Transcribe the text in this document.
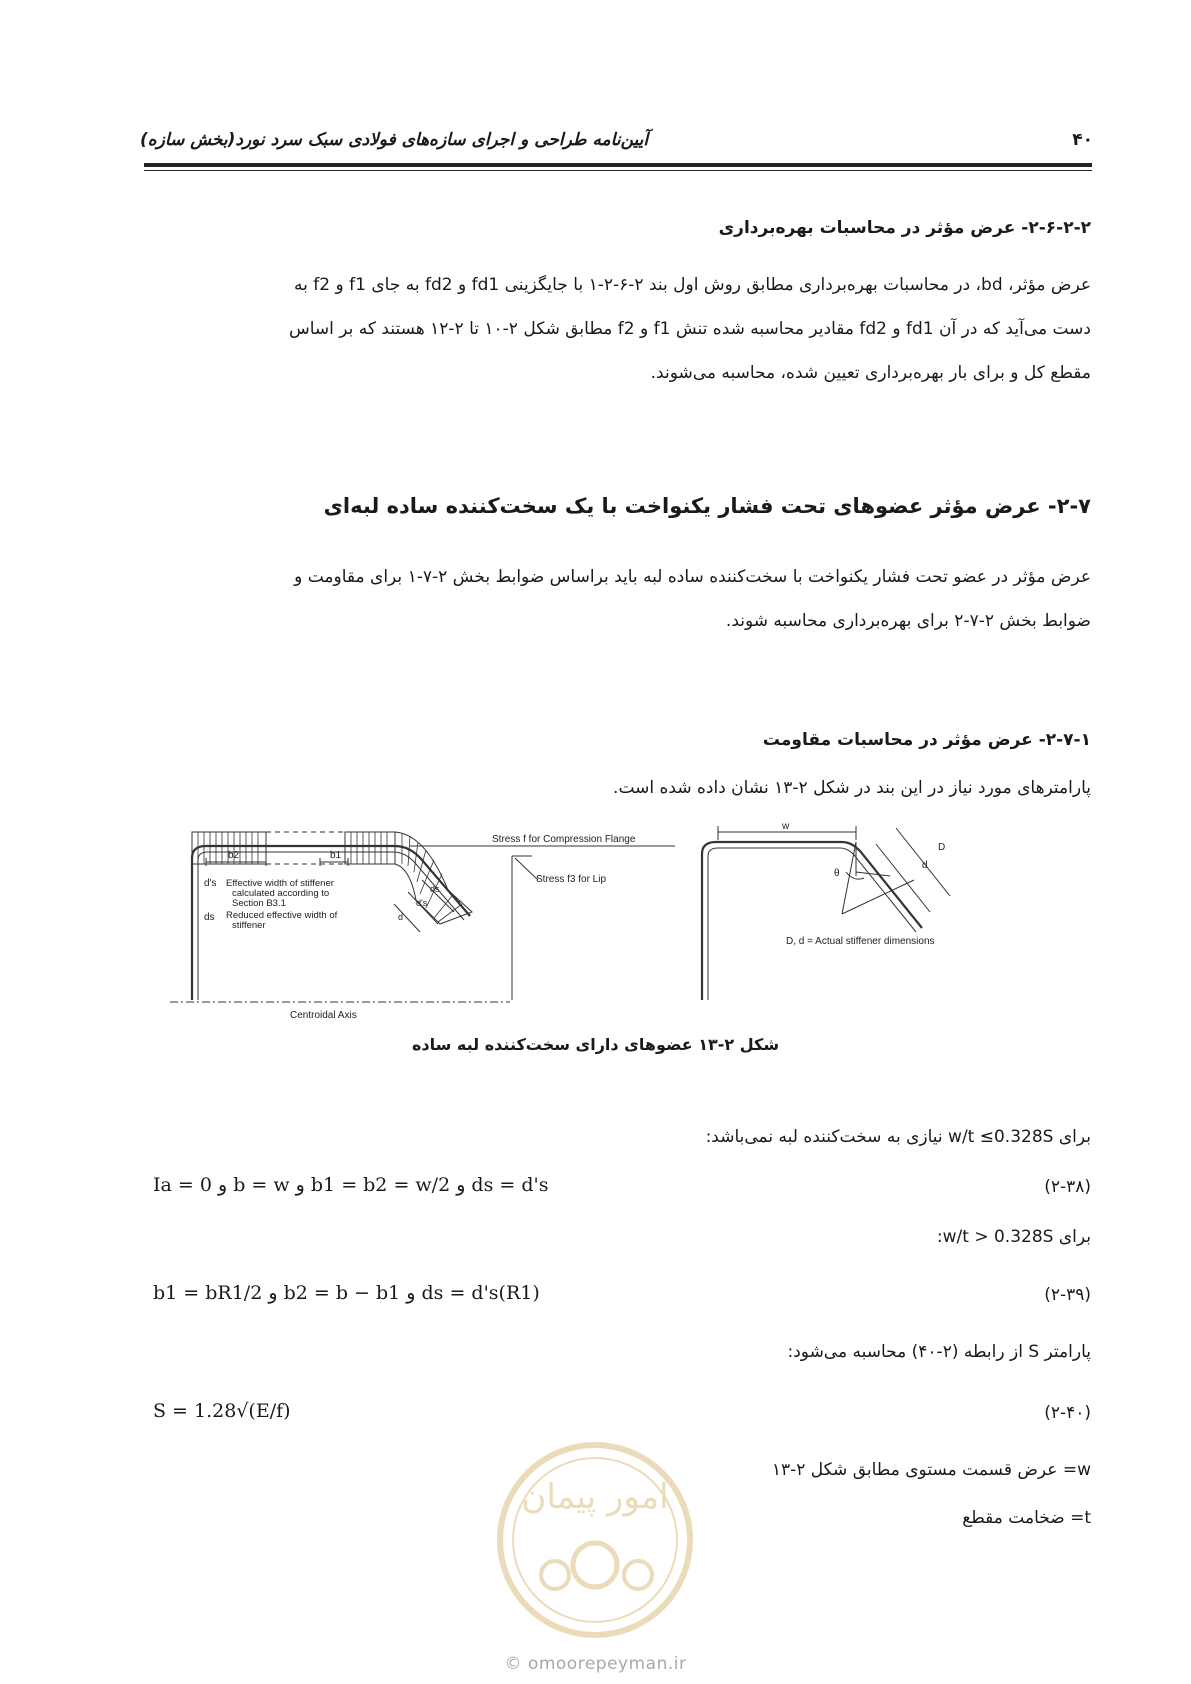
آیین‌نامه طراحی و اجرای سازه‌های فولادی سبک سرد نورد(بخش سازه)	۴۰
۲-۶-۲-۲- عرض مؤثر در محاسبات بهره‌برداری
عرض مؤثر، bd، در محاسبات بهره‌برداری مطابق روش اول بند ۲-۶-۲-۱ با جایگزینی fd1 و fd2 به جای f1 و f2 به
دست می‌آید که در آن fd1 و fd2 مقادیر محاسبه شده تنش f1 و f2 مطابق شکل ۲-۱۰ تا ۲-۱۲ هستند که بر اساس
مقطع کل و برای بار بهره‌برداری تعیین شده، محاسبه می‌شوند.
۲-۷- عرض مؤثر عضوهای تحت فشار یکنواخت با یک سخت‌کننده ساده لبه‌ای
عرض مؤثر در عضو تحت فشار یکنواخت با سخت‌کننده ساده لبه باید براساس ضوابط بخش ۲-۷-۱ برای مقاومت و
ضوابط بخش ۲-۷-۲ برای بهره‌برداری محاسبه شوند.
۲-۷-۱- عرض مؤثر در محاسبات مقاومت
پارامترهای مورد نیاز در این بند در شکل ۲-۱۳ نشان داده شده است.
Stress f for Compression Flange
Stress f3 for Lip
b2	b1
d's Effective width of stiffener
calculated according to
Section B3.1
ds Reduced effective width of
stiffener
ds
d's
d
Centroidal Axis
w
θ
D
d
D, d = Actual stiffener dimensions
شکل ۲-۱۳ عضوهای دارای سخت‌کننده لبه ساده
برای w/t ≤0.328S نیازی به سخت‌کننده لبه نمی‌باشد:
(۲-۳۸)
Ia = 0 و b = w و b1 = b2 = w/2 و ds = d's
برای w/t > 0.328S:
(۲-۳۹)
b1 = bR1/2 و b2 = b − b1 و ds = d's(R1)
پارامتر S از رابطه (۲-۴۰) محاسبه می‌شود:
(۲-۴۰)
S = 1.28√(E/f)
w= عرض قسمت مستوی مطابق شکل ۲-۱۳
t= ضخامت مقطع
امور پیمان
© omoorepeyman.ir
